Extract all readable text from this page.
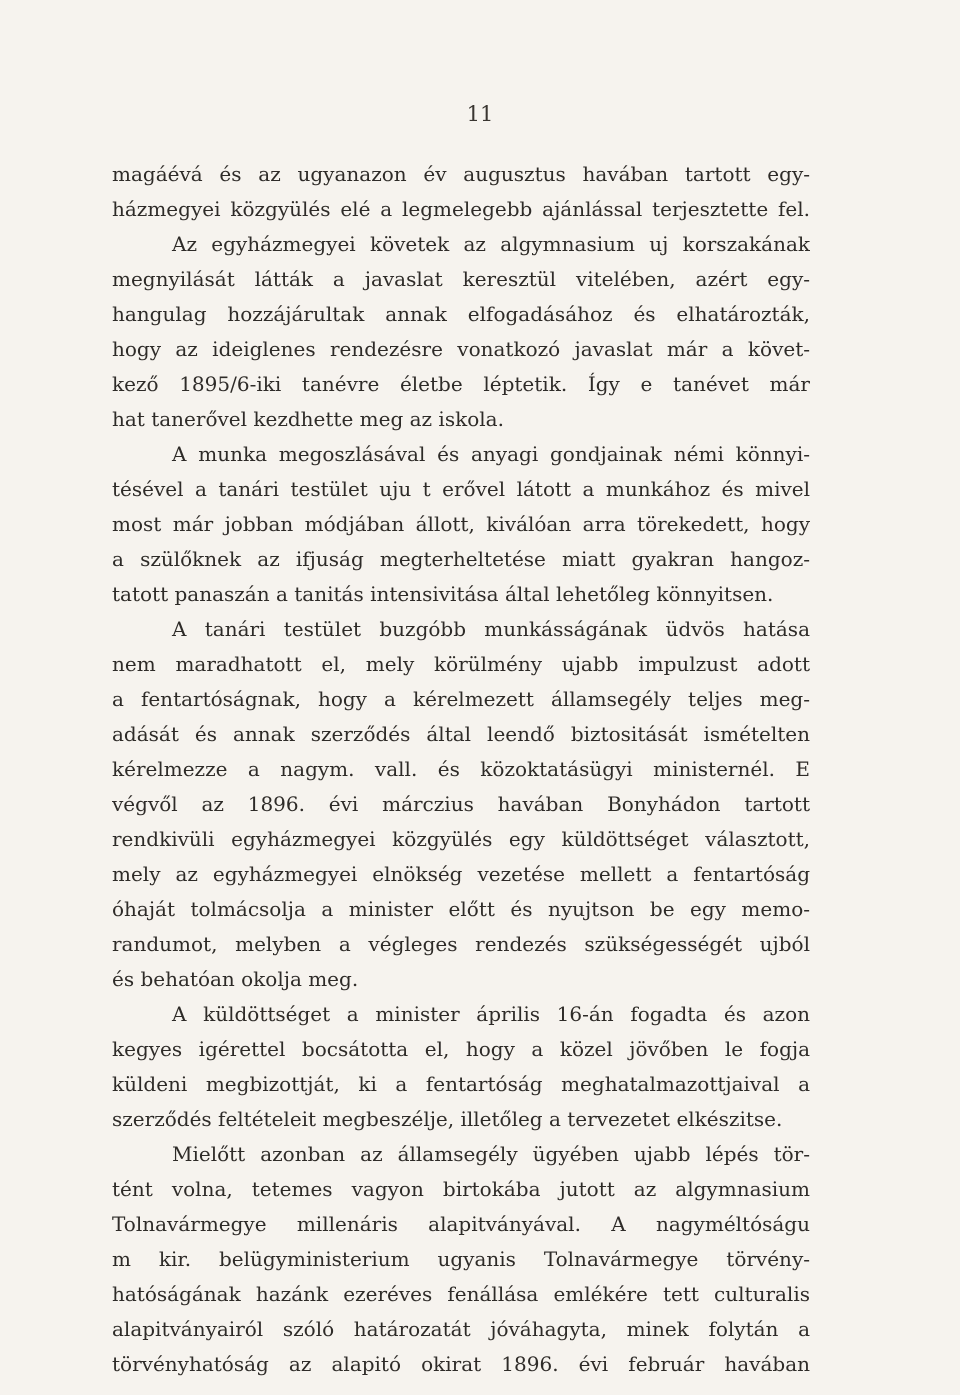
11
magáévá és az ugyanazon év augusztus havában tartott egy-
házmegyei közgyülés elé a legmelegebb ajánlással terjesztette fel.
Az egyházmegyei követek az algymnasium uj korszakának
megnyilását látták a javaslat keresztül vitelében, azért egy-
hangulag hozzájárultak annak elfogadásához és elhatározták,
hogy az ideiglenes rendezésre vonatkozó javaslat már a követ-
kező 1895/6-iki tanévre életbe léptetik. Így e tanévet már
hat tanerővel kezdhette meg az iskola.
A munka megoszlásával és anyagi gondjainak némi könnyi-
tésével a tanári testület uju t erővel látott a munkához és mivel
most már jobban módjában állott, kiválóan arra törekedett, hogy
a szülőknek az ifjuság megterheltetése miatt gyakran hangoz-
tatott panaszán a tanitás intensivitása által lehetőleg könnyitsen.
A tanári testület buzgóbb munkásságának üdvös hatása
nem maradhatott el, mely körülmény ujabb impulzust adott
a fentartóságnak, hogy a kérelmezett államsegély teljes meg-
adását és annak szerződés által leendő biztositását ismételten
kérelmezze a nagym. vall. és közoktatásügyi ministernél. E
végvől az 1896. évi márczius havában Bonyhádon tartott
rendkivüli egyházmegyei közgyülés egy küldöttséget választott,
mely az egyházmegyei elnökség vezetése mellett a fentartóság
óhaját tolmácsolja a minister előtt és nyujtson be egy memo-
randumot, melyben a végleges rendezés szükségességét ujból
és behatóan okolja meg.
A küldöttséget a minister április 16-án fogadta és azon
kegyes igérettel bocsátotta el, hogy a közel jövőben le fogja
küldeni megbizottját, ki a fentartóság meghatalmazottjaival a
szerződés feltételeit megbeszélje, illetőleg a tervezetet elkészitse.
Mielőtt azonban az államsegély ügyében ujabb lépés tör-
tént volna, tetemes vagyon birtokába jutott az algymnasium
Tolnavármegye millenáris alapitványával. A nagyméltóságu
m kir. belügyministerium ugyanis Tolnavármegye törvény-
hatóságának hazánk ezeréves fenállása emlékére tett culturalis
alapitványairól szóló határozatát jóváhagyta, minek folytán a
törvényhatóság az alapitó okirat 1896. évi február havában
